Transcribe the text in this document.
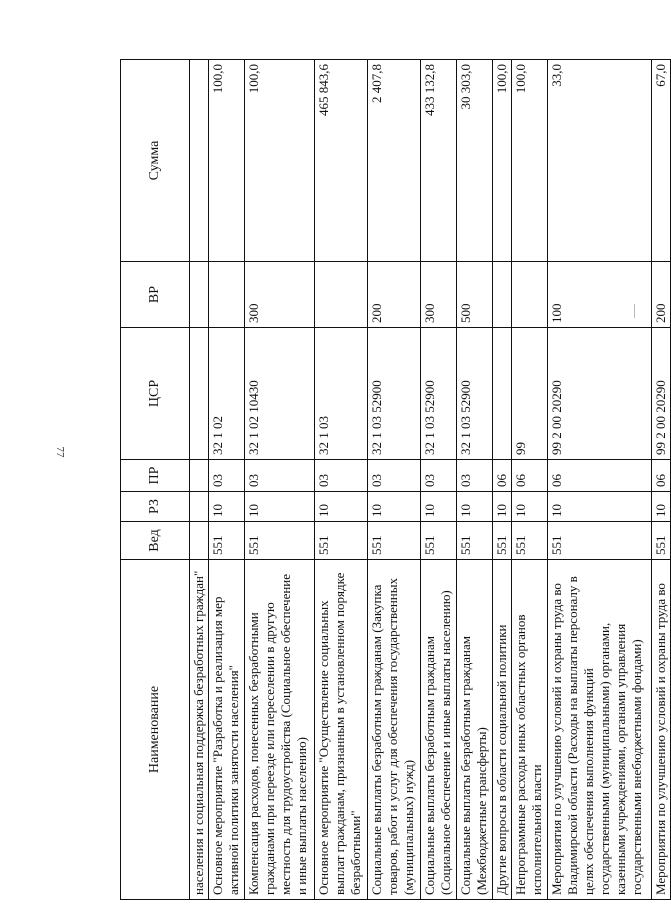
77
Наименование	Вед	РЗ	ПР	ЦСР	ВР	Сумма
населения и социальная поддержка безработных граждан"						
Основное мероприятие "Разработка и реализация мер активной политики занятости населения"	551	10	03	32 1 02		100,0
Компенсация расходов, понесенных безработными гражданами при переезде или переселении в другую местность для трудоустройства (Социальное обеспечение и иные выплаты населению)	551	10	03	32 1 02 10430	300	100,0
Основное мероприятие "Осуществление социальных выплат гражданам, признанным в установленном порядке безработными"	551	10	03	32 1 03		465 843,6
Социальные выплаты безработным гражданам (Закупка товаров, работ и услуг для обеспечения государственных (муниципальных) нужд)	551	10	03	32 1 03 52900	200	2 407,8
Социальные выплаты безработным гражданам (Социальное обеспечение и иные выплаты населению)	551	10	03	32 1 03 52900	300	433 132,8
Социальные выплаты безработным гражданам (Межбюджетные трансферты)	551	10	03	32 1 03 52900	500	30 303,0
Другие вопросы в области социальной политики	551	10	06			100,0
Непрограммные расходы иных областных органов исполнительной власти	551	10	06	99		100,0
Мероприятия по улучшению условий и охраны труда во Владимирской области (Расходы на выплаты персоналу в целях обеспечения выполнения функций государственными (муниципальными) органами, казенными учреждениями, органами управления государственными внебюджетными фондами)	551	10	06	99 2 00 20290	100	33,0
Мероприятия по улучшению условий и охраны труда во	551	10	06	99 2 00 20290	200	67,0
